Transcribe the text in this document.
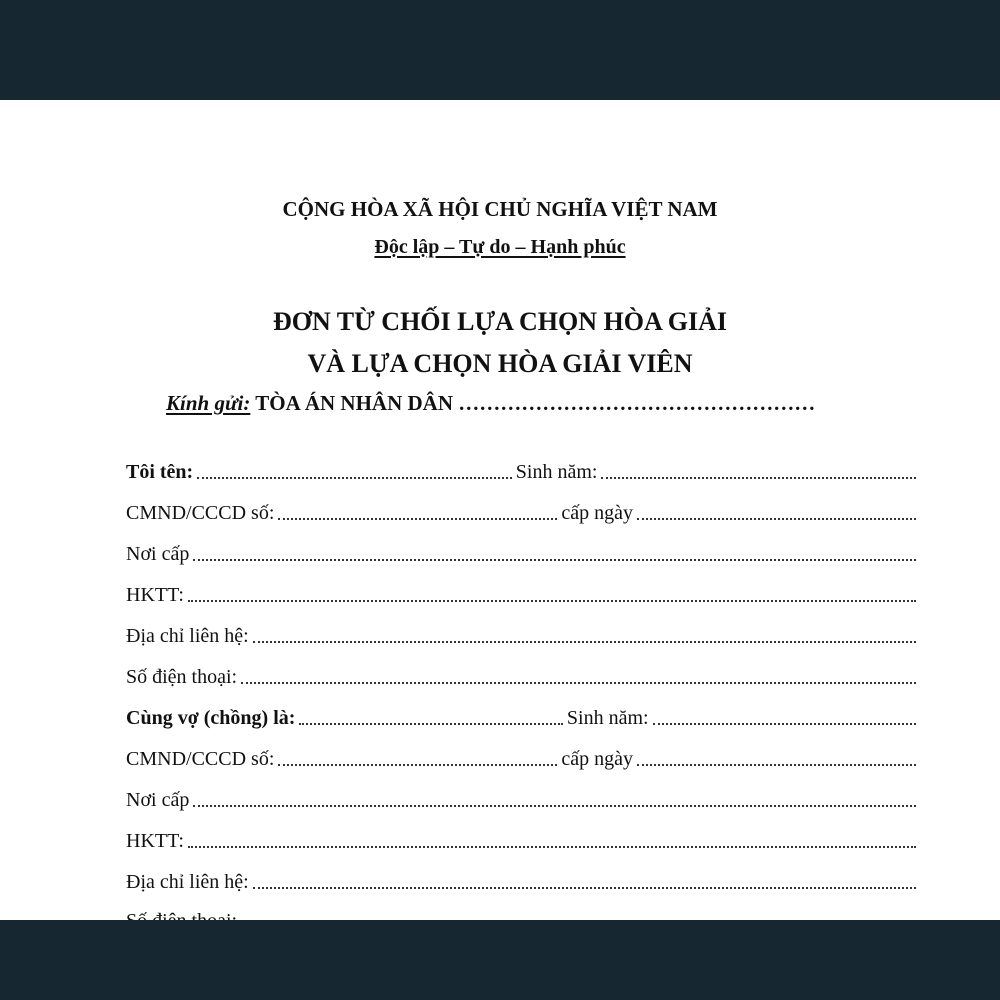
CỘNG HÒA XÃ HỘI CHỦ NGHĨA VIỆT NAM
Độc lập – Tự do – Hạnh phúc
ĐƠN TỪ CHỐI LỰA CHỌN HÒA GIẢI
VÀ LỰA CHỌN HÒA GIẢI VIÊN
Kính gửi: TÒA ÁN NHÂN DÂN ……………………………………………
Tôi tên:	Sinh năm:
CMND/CCCD số:	cấp ngày
Nơi cấp
HKTT:
Địa chỉ liên hệ:
Số điện thoại:
Cùng vợ (chồng) là:	Sinh năm:
CMND/CCCD số:	cấp ngày
Nơi cấp
HKTT:
Địa chỉ liên hệ:
